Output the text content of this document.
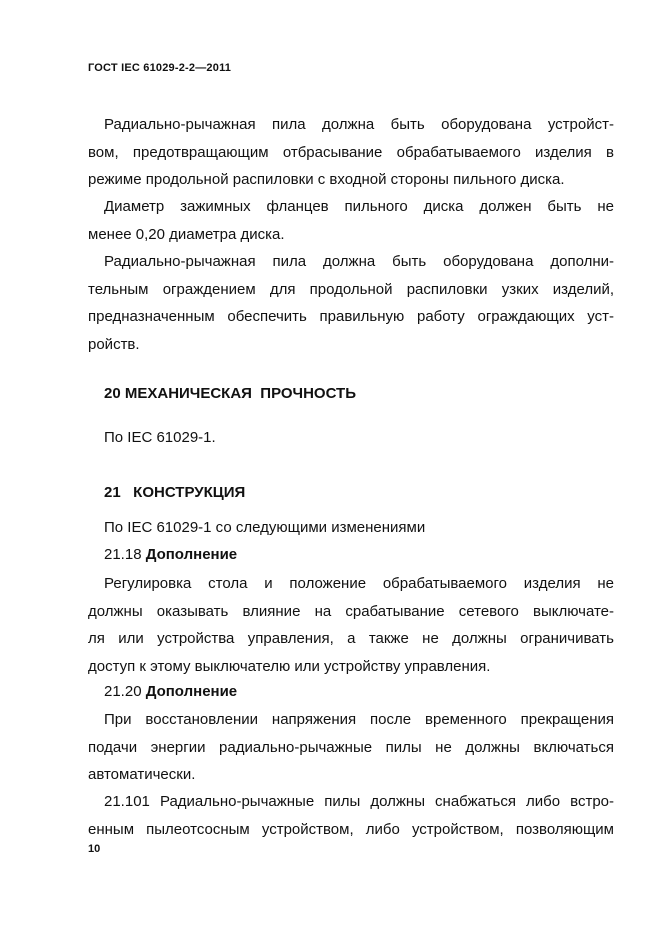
ГОСТ IEC 61029-2-2—2011
Радиально-рычажная пила должна быть оборудована устройст-
вом, предотвращающим отбрасывание обрабатываемого изделия в
режиме продольной распиловки с входной стороны пильного диска.
Диаметр зажимных фланцев пильного диска должен быть не
менее 0,20 диаметра диска.
Радиально-рычажная пила должна быть оборудована дополни-
тельным ограждением для продольной распиловки узких изделий,
предназначенным обеспечить правильную работу ограждающих уст-
ройств.
20 МЕХАНИЧЕСКАЯ  ПРОЧНОСТЬ
По IEC 61029-1.
21   КОНСТРУКЦИЯ
По IEC 61029-1 со следующими изменениями
21.18 Дополнение
Регулировка стола и положение обрабатываемого изделия не
должны оказывать влияние на срабатывание сетевого выключате-
ля или устройства управления, а также не должны ограничивать
доступ к этому выключателю или устройству управления.
21.20 Дополнение
При восстановлении напряжения после временного прекращения
подачи энергии радиально-рычажные пилы не должны включаться
автоматически.
21.101 Радиально-рычажные пилы должны снабжаться либо встро-
енным пылеотсосным устройством, либо устройством, позволяющим
10
